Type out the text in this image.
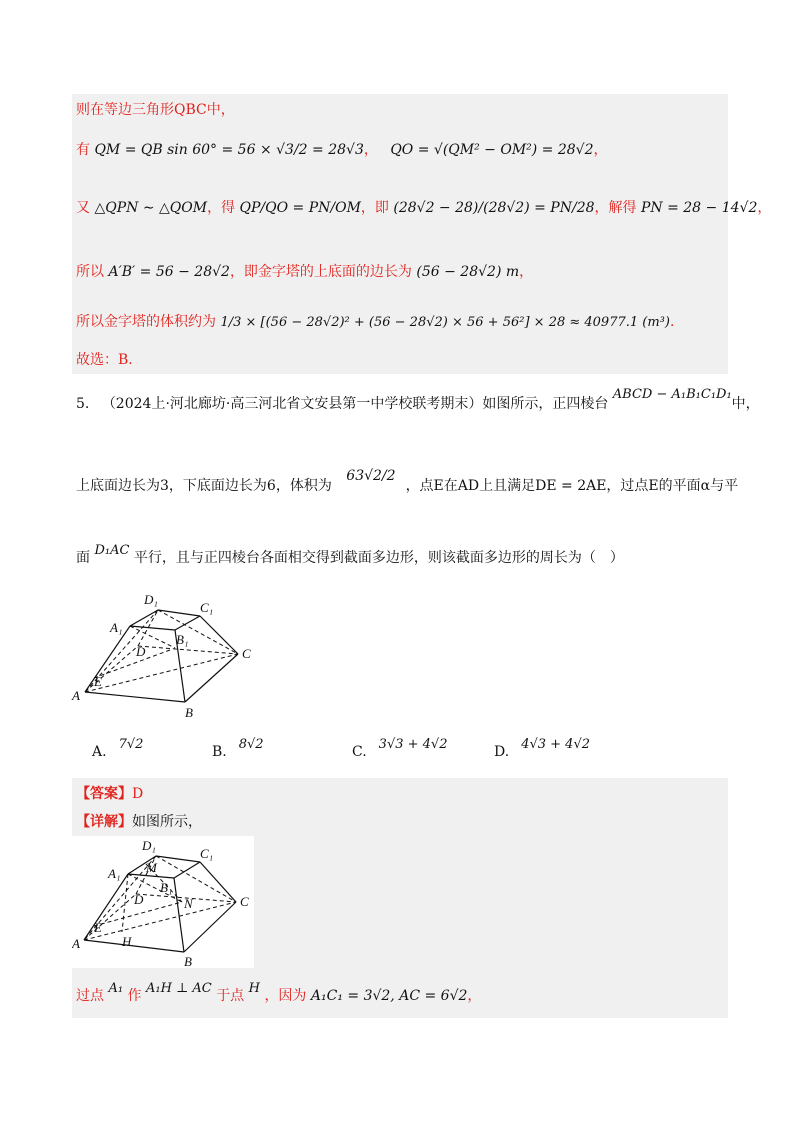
则在等边三角形QBC中，
有 QM = QB sin 60° = 56 × √3/2 = 28√3， QO = √(QM² − OM²) = 28√2，
又 △QPN ∼ △QOM，得 QP/QO = PN/OM，即 (28√2 − 28)/(28√2) = PN/28，解得 PN = 28 − 14√2，
所以 A′B′ = 56 − 28√2，即金字塔的上底面的边长为 (56 − 28√2) m，
所以金字塔的体积约为 1/3 × [(56 − 28√2)² + (56 − 28√2) × 56 + 56²] × 28 ≈ 40977.1 (m³).
故选：B.
5. （2024上·河北廊坊·高三河北省文安县第一中学校联考期末）如图所示，正四棱台 ABCD − A₁B₁C₁D₁中，
上底面边长为3，下底面边长为6，体积为 63√2/2，点E在AD上且满足DE = 2AE，过点E的平面α与平
面 D₁AC 平行，且与正四棱台各面相交得到截面多边形，则该截面多边形的周长为（　）
A
B
C
D
E
A₁
B₁
C₁
D₁
A. 7√2	B. 8√2	C. 3√3 + 4√2	D. 4√3 + 4√2
【答案】D
【详解】如图所示，
A
B
C
D
E
A₁
B₁
C₁
D₁
M
N
H
过点 A₁ 作 A₁H ⊥ AC 于点 H ，因为 A₁C₁ = 3√2, AC = 6√2，
